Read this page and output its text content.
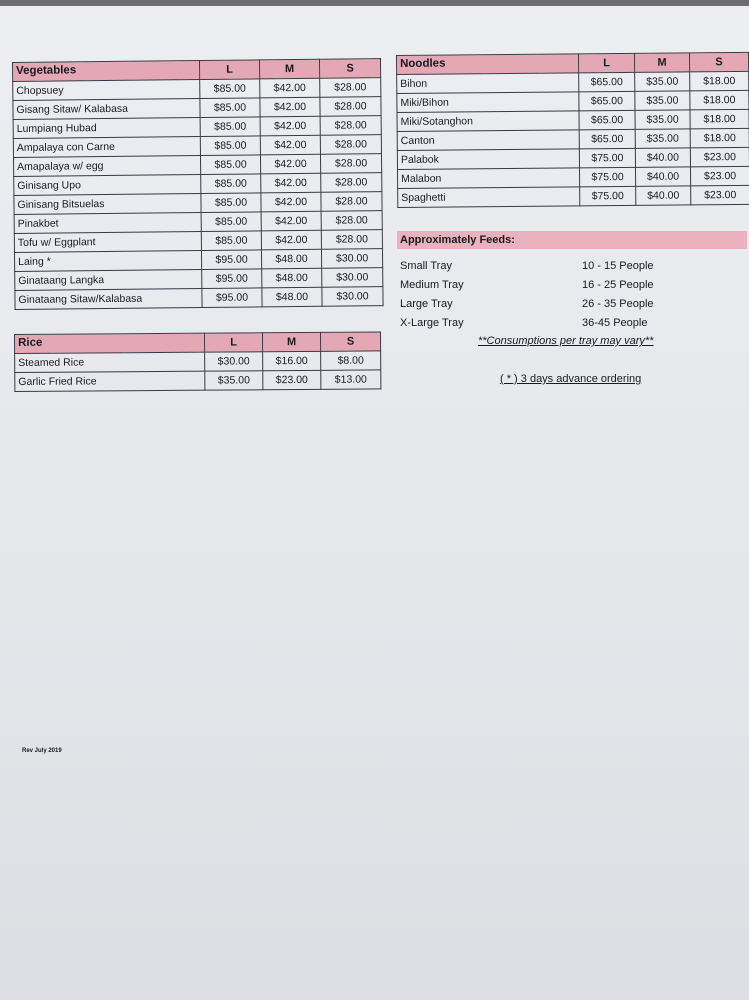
Vegetables	L	M	S
Chopsuey	$85.00	$42.00	$28.00
Gisang Sitaw/ Kalabasa	$85.00	$42.00	$28.00
Lumpiang Hubad	$85.00	$42.00	$28.00
Ampalaya con Carne	$85.00	$42.00	$28.00
Amapalaya w/ egg	$85.00	$42.00	$28.00
Ginisang Upo	$85.00	$42.00	$28.00
Ginisang Bitsuelas	$85.00	$42.00	$28.00
Pinakbet	$85.00	$42.00	$28.00
Tofu w/ Eggplant	$85.00	$42.00	$28.00
Laing *	$95.00	$48.00	$30.00
Ginataang Langka	$95.00	$48.00	$30.00
Ginataang Sitaw/Kalabasa	$95.00	$48.00	$30.00
Noodles	L	M	S
Bihon	$65.00	$35.00	$18.00
Miki/Bihon	$65.00	$35.00	$18.00
Miki/Sotanghon	$65.00	$35.00	$18.00
Canton	$65.00	$35.00	$18.00
Palabok	$75.00	$40.00	$23.00
Malabon	$75.00	$40.00	$23.00
Spaghetti	$75.00	$40.00	$23.00
Rice	L	M	S
Steamed Rice	$30.00	$16.00	$8.00
Garlic Fried Rice	$35.00	$23.00	$13.00
Approximately Feeds:
Small Tray	10 - 15 People
Medium Tray	16 - 25 People
Large Tray	26 - 35 People
X-Large Tray	36-45 People
**Consumptions per tray may vary**
( * ) 3 days advance ordering
Rev July 2019
